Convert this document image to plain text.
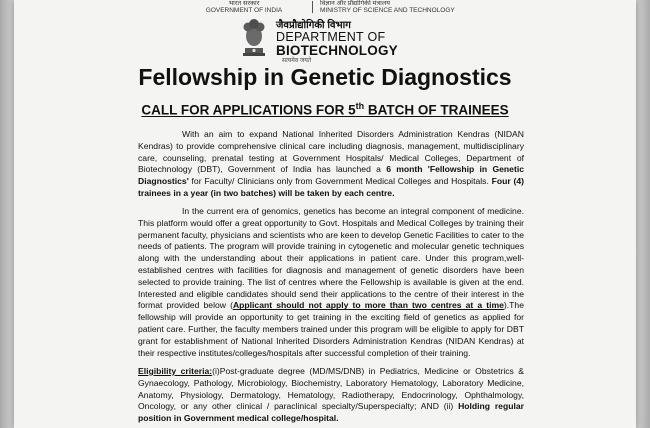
भारत सरकार
GOVERNMENT OF INDIA
विज्ञान और प्रौद्योगिकी मंत्रालय
MINISTRY OF SCIENCE AND TECHNOLOGY
जैवप्रौद्योगिकी विभाग
DEPARTMENT OF
BIOTECHNOLOGY
सत्यमेव जयते
Fellowship in Genetic Diagnostics
CALL FOR APPLICATIONS FOR 5th BATCH OF TRAINEES

With an aim to expand National Inherited Disorders Administration Kendras (NIDAN Kendras) to provide comprehensive clinical care including diagnosis, management, multidisciplinary care, counseling, prenatal testing at Government Hospitals/ Medical Colleges, Department of Biotechnology (DBT), Government of India has launched a 6 month 'Fellowship in Genetic Diagnostics' for Faculty/ Clinicians only from Government Medical Colleges and Hospitals. Four (4) trainees in a year (in two batches) will be taken by each centre.

In the current era of genomics, genetics has become an integral component of medicine. This platform would offer a great opportunity to Govt. Hospitals and Medical Colleges by training their permanent faculty, physicians and scientists who are keen to develop Genetic Facilities to cater to the needs of patients. The program will provide training in cytogenetic and molecular genetic techniques along with the understanding about their applications in patient care. Under this program,well-established centres with facilities for diagnosis and management of genetic disorders have been selected to provide training. The list of centres where the Fellowship is available is given at the end. Interested and eligible candidates should send their applications to the centre of their interest in the format provided below (Applicant should not apply to more than two centres at a time).The fellowship will provide an opportunity to get training in the exciting field of genetics as applied for patient care. Further, the faculty members trained under this program will be eligible to apply for DBT grant for establishment of National Inherited Disorders Administration Kendras (NIDAN Kendras) at their respective institutes/colleges/hospitals after successful completion of their training.

Eligibility criteria:(i)Post-graduate degree (MD/MS/DNB) in Pediatrics, Medicine or Obstetrics & Gynaecology, Pathology, Microbiology, Biochemistry, Laboratory Hematology, Laboratory Medicine, Anatomy, Physiology, Dermatology, Hematology, Radiotherapy, Endocrinology, Ophthalmology, Oncology, or any other clinical / paraclinical specialty/Superspecialty; AND (ii) Holding regular position in Government medical college/hospital.
